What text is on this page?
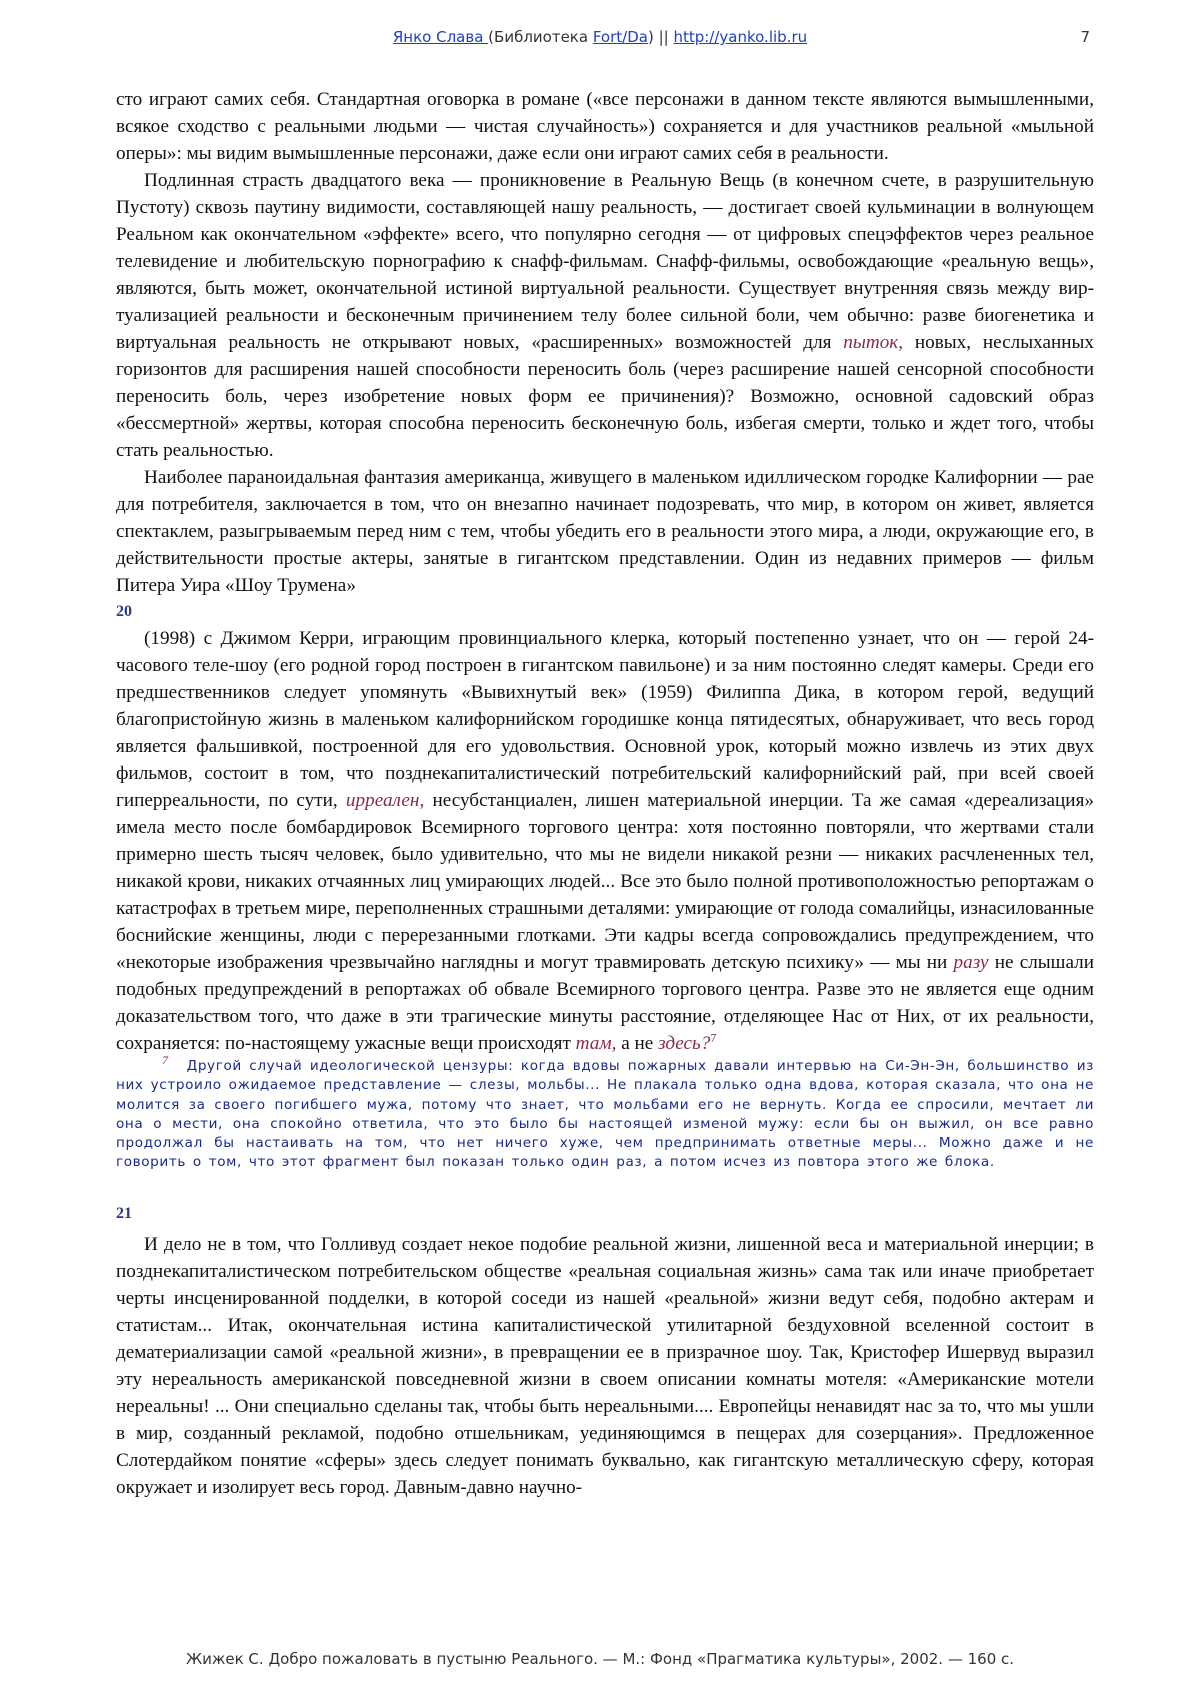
Янко Слава (Библиотека Fort/Da) || http://yanko.lib.ru	7

сто играют самих себя. Стандартная оговорка в романе («все персонажи в данном тексте являются вымышленными, всякое сходство с реальными людьми — чистая случайность») сохраняется и для участников реальной «мыльной оперы»: мы видим вымышленные персонажи, даже если они играют самих себя в реальности.

Подлинная страсть двадцатого века — проникновение в Реальную Вещь (в конечном счете, в разрушительную Пустоту) сквозь паутину видимости, составляющей нашу реальность, — достигает своей кульминации в волнующем Реальном как окончательном «эффекте» всего, что популярно сегодня — от цифровых спецэффектов через реальное телевидение и любительскую порнографию к снафф-фильмам. Снафф-фильмы, освобождающие «реальную вещь», являются, быть может, окончательной истиной виртуальной реальности. Существует внутренняя связь между виртуализацией реальности и бесконечным причинением телу более сильной боли, чем обычно: разве биогенетика и виртуальная реальность не открывают новых, «расширенных» возможностей для пыток, новых, неслыханных горизонтов для расширения нашей способности переносить боль (через расширение нашей сенсорной способности переносить боль, через изобретение новых форм ее причинения)? Возможно, основной садовский образ «бессмертной» жертвы, которая способна переносить бесконечную боль, избегая смерти, только и ждет того, чтобы стать реальностью.

Наиболее параноидальная фантазия американца, живущего в маленьком идиллическом городке Калифорнии — рае для потребителя, заключается в том, что он внезапно начинает подозревать, что мир, в котором он живет, является спектаклем, разыгрываемым перед ним с тем, чтобы убедить его в реальности этого мира, а люди, окружающие его, в действительности простые актеры, занятые в гигантском представлении. Один из недавних примеров — фильм Питера Уира «Шоу Трумена»

20

(1998) с Джимом Керри, играющим провинциального клерка, который постепенно узнает, что он — герой 24-часового теле-шоу (его родной город построен в гигантском павильоне) и за ним постоянно следят камеры. Среди его предшественников следует упомянуть «Вывихнутый век» (1959) Филиппа Дика, в котором герой, ведущий благопристойную жизнь в маленьком калифорнийском городишке конца пятидесятых, обнаруживает, что весь город является фальшивкой, построенной для его удовольствия. Основной урок, который можно извлечь из этих двух фильмов, состоит в том, что позднекапиталистический потребительский калифорнийский рай, при всей своей гиперреальности, по сути, ирреален, несубстанциален, лишен материальной инерции. Та же самая «дереализация» имела место после бомбардировок Всемирного торгового центра: хотя постоянно повторяли, что жертвами стали примерно шесть тысяч человек, было удивительно, что мы не видели никакой резни — никаких расчлененных тел, никакой крови, никаких отчаянных лиц умирающих людей... Все это было полной противоположностью репортажам о катастрофах в третьем мире, переполненных страшными деталями: умирающие от голода сомалийцы, изнасилованные боснийские женщины, люди с перерезанными глотками. Эти кадры всегда сопровождались предупреждением, что «некоторые изображения чрезвычайно наглядны и могут травмировать детскую психику» — мы ни разу не слышали подобных предупреждений в репортажах об обвале Всемирного торгового центра. Разве это не является еще одним доказательством того, что даже в эти трагические минуты расстояние, отделяющее Нас от Них, от их реальности, сохраняется: по-настоящему ужасные вещи происходят там, а не здесь?$^7$

7 Другой случай идеологической цензуры: когда вдовы пожарных давали интервью на Си-Эн-Эн, большинство из них устроило ожидаемое представление — слезы, мольбы... Не плакала только одна вдова, которая сказала, что она не молится за своего погибшего мужа, потому что знает, что мольбами его не вернуть. Когда ее спросили, мечтает ли она о мести, она спокойно ответила, что это было бы настоящей изменой мужу: если бы он выжил, он все равно продолжал бы настаивать на том, что нет ничего хуже, чем предпринимать ответные меры... Можно даже и не говорить о том, что этот фрагмент был показан только один раз, а потом исчез из повтора этого же блока.

21

И дело не в том, что Голливуд создает некое подобие реальной жизни, лишенной веса и материальной инерции; в позднекапиталистическом потребительском обществе «реальная социальная жизнь» сама так или иначе приобретает черты инсценированной подделки, в которой соседи из нашей «реальной» жизни ведут себя, подобно актерам и статистам... Итак, окончательная истина капиталистической утилитарной бездуховной вселенной состоит в дематериализации самой «реальной жизни», в превращении ее в призрачное шоу. Так, Кристофер Ишервуд выразил эту нереальность американской повседневной жизни в своем описании комнаты мотеля: «Американские мотели нереальны! ... Они специально сделаны так, чтобы быть нереальными.... Европейцы ненавидят нас за то, что мы ушли в мир, созданный рекламой, подобно отшельникам, уединяющимся в пещерах для созерцания». Предложенное Слотердайком понятие «сферы» здесь следует понимать буквально, как гигантскую металлическую сферу, которая окружает и изолирует весь город. Давным-давно научно-

Жижек С. Добро пожаловать в пустыню Реального. — М.: Фонд «Прагматика культуры», 2002. — 160 с.
